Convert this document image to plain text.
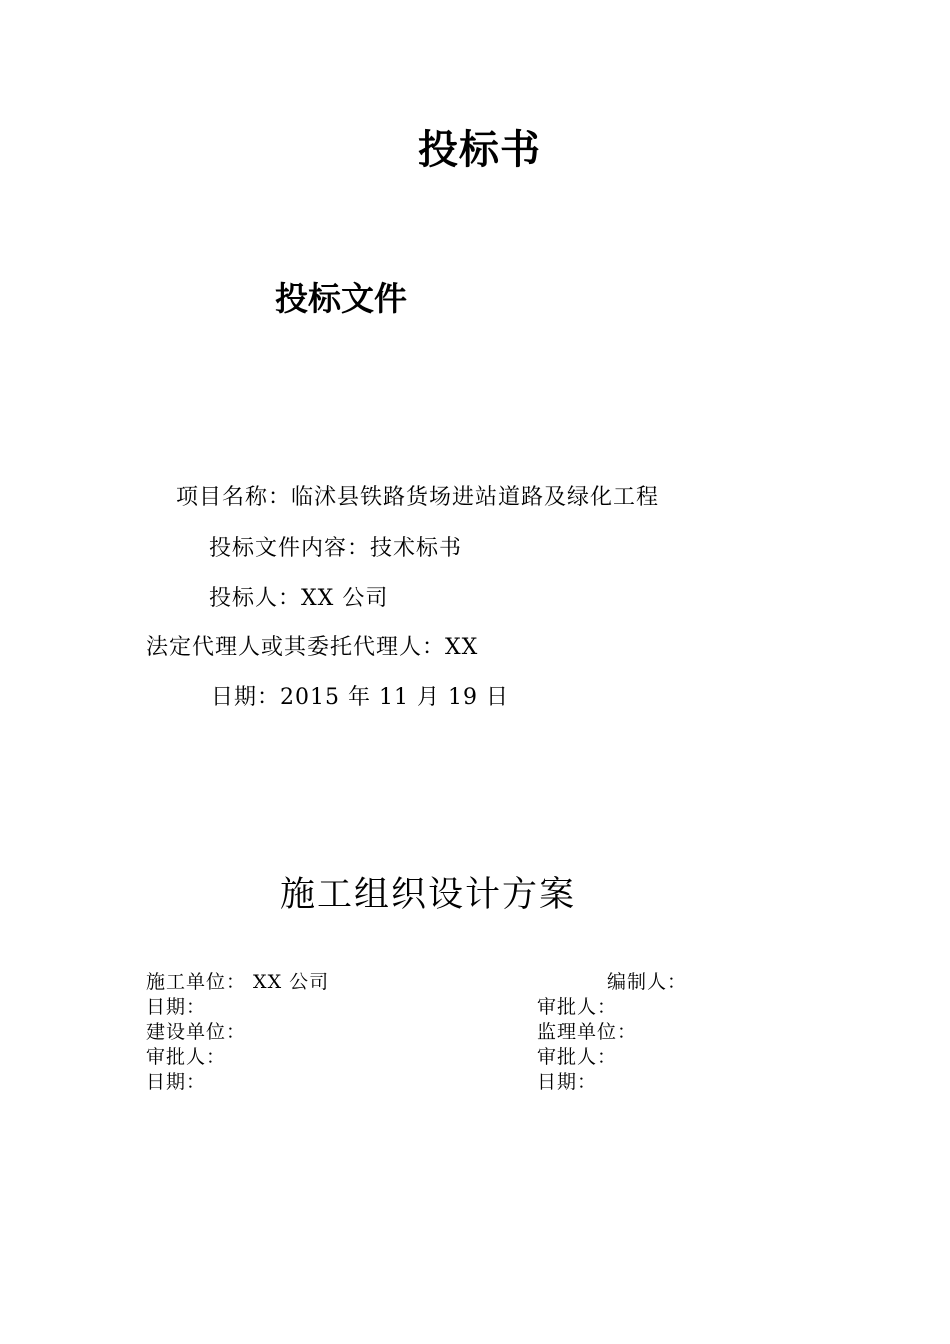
投标书
投标文件
项目名称：临沭县铁路货场进站道路及绿化工程
投标文件内容：技术标书
投标人：XX 公司
法定代理人或其委托代理人：XX
日期：2015 年 11 月 19 日
施工组织设计方案
施工单位： XX 公司
日期：
建设单位：
审批人：
日期：
编制人：
审批人：
监理单位：
审批人：
日期：
